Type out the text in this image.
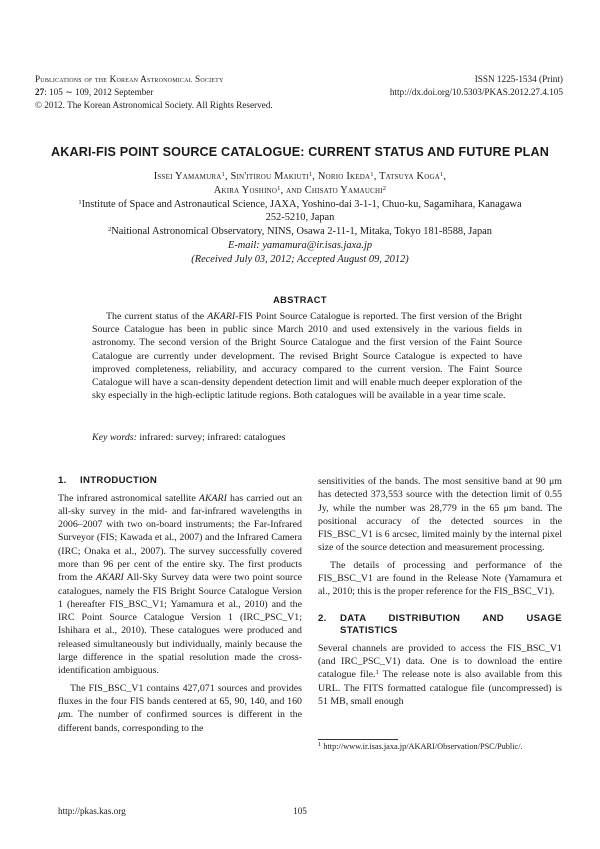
Publications of the Korean Astronomical Society
27: 105 ∼ 109, 2012 September
© 2012. The Korean Astronomical Society. All Rights Reserved.
ISSN 1225-1534 (Print)
http://dx.doi.org/10.5303/PKAS.2012.27.4.105
AKARI-FIS POINT SOURCE CATALOGUE: CURRENT STATUS AND FUTURE PLAN
Issei Yamamura$^1$, Sin'itirou Makiuti$^1$, Norio Ikeda$^1$, Tatsuya Koga$^1$,
Akira Yoshino$^1$, and Chisato Yamauchi$^2$
$^1$Institute of Space and Astronautical Science, JAXA, Yoshino-dai 3-1-1, Chuo-ku, Sagamihara, Kanagawa
252-5210, Japan
$^2$Naitional Astronomical Observatory, NINS, Osawa 2-11-1, Mitaka, Tokyo 181-8588, Japan
E-mail: yamamura@ir.isas.jaxa.jp
(Received July 03, 2012; Accepted August 09, 2012)
ABSTRACT

The current status of the AKARI-FIS Point Source Catalogue is reported. The first version of the Bright Source Catalogue has been in public since March 2010 and used extensively in the various fields in astronomy. The second version of the Bright Source Catalogue and the first version of the Faint Source Catalogue are currently under development. The revised Bright Source Catalogue is expected to have improved completeness, reliability, and accuracy compared to the current version. The Faint Source Catalogue will have a scan-density dependent detection limit and will enable much deeper exploration of the sky especially in the high-ecliptic latitude regions. Both catalogues will be available in a year time scale.

Key words: infrared: survey; infrared: catalogues
1. INTRODUCTION

The infrared astronomical satellite AKARI has carried out an all-sky survey in the mid- and far-infrared wavelengths in 2006–2007 with two on-board instruments; the Far-Infrared Surveyor (FIS; Kawada et al., 2007) and the Infrared Camera (IRC; Onaka et al., 2007). The survey successfully covered more than 96 per cent of the entire sky. The first products from the AKARI All-Sky Survey data were two point source catalogues, namely the FIS Bright Source Catalogue Version 1 (hereafter FIS_BSC_V1; Yamamura et al., 2010) and the IRC Point Source Catalogue Version 1 (IRC_PSC_V1; Ishihara et al., 2010). These catalogues were produced and released simultaneously but individually, mainly because the large difference in the spatial resolution made the cross-identification ambiguous.

The FIS_BSC_V1 contains 427,071 sources and provides fluxes in the four FIS bands centered at 65, 90, 140, and 160 μm. The number of confirmed sources is different in the different bands, corresponding to the

sensitivities of the bands. The most sensitive band at 90 μm has detected 373,553 source with the detection limit of 0.55 Jy, while the number was 28,779 in the 65 μm band. The positional accuracy of the detected sources in the FIS_BSC_V1 is 6 arcsec, limited mainly by the internal pixel size of the source detection and measurement processing.

The details of processing and performance of the FIS_BSC_V1 are found in the Release Note (Yamamura et al., 2010; this is the proper reference for the FIS_BSC_V1).

2. DATA DISTRIBUTION AND USAGE STATISTICS

Several channels are provided to access the FIS_BSC_V1 (and IRC_PSC_V1) data. One is to download the entire catalogue file.$^1$ The release note is also available from this URL. The FITS formatted catalogue file (uncompressed) is 51 MB, small enough

$^1$ http://www.ir.isas.jaxa.jp/AKARI/Observation/PSC/Public/.
http://pkas.kas.org	105
